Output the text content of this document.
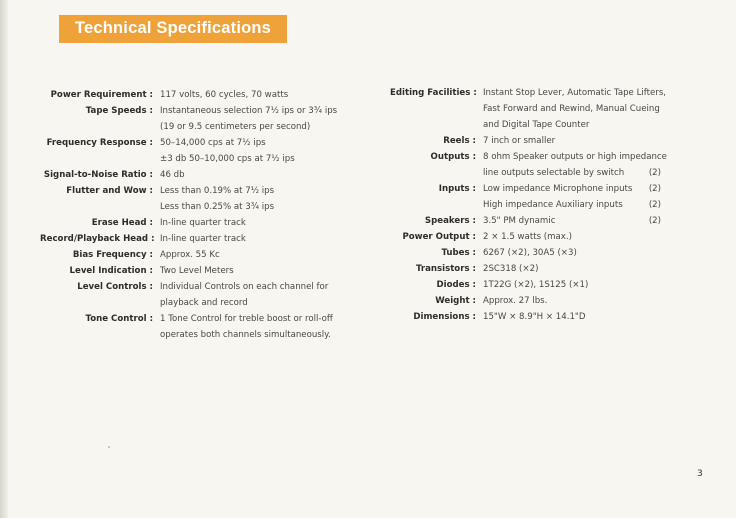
Technical Specifications
Power Requirement : 117 volts, 60 cycles, 70 watts
Tape Speeds : Instantaneous selection 7½ ips or 3¾ ips
(19 or 9.5 centimeters per second)
Frequency Response : 50–14,000 cps at 7½ ips
±3 db 50–10,000 cps at 7½ ips
Signal-to-Noise Ratio : 46 db
Flutter and Wow : Less than 0.19% at 7½ ips
Less than 0.25% at 3¾ ips
Erase Head : In-line quarter track
Record/Playback Head : In-line quarter track
Bias Frequency : Approx. 55 Kc
Level Indication : Two Level Meters
Level Controls : Individual Controls on each channel for
playback and record
Tone Control : 1 Tone Control for treble boost or roll-off
operates both channels simultaneously.
Editing Facilities : Instant Stop Lever, Automatic Tape Lifters,
Fast Forward and Rewind, Manual Cueing
and Digital Tape Counter
Reels : 7 inch or smaller
Outputs : 8 ohm Speaker outputs or high impedance
line outputs selectable by switch	(2)
Inputs : Low impedance Microphone inputs (2)
High impedance Auxiliary inputs	(2)
Speakers : 3.5" PM dynamic	(2)
Power Output : 2 × 1.5 watts (max.)
Tubes : 6267 (×2), 30A5 (×3)
Transistors : 2SC318 (×2)
Diodes : 1T22G (×2), 1S125 (×1)
Weight : Approx. 27 lbs.
Dimensions : 15"W × 8.9"H × 14.1"D
3
